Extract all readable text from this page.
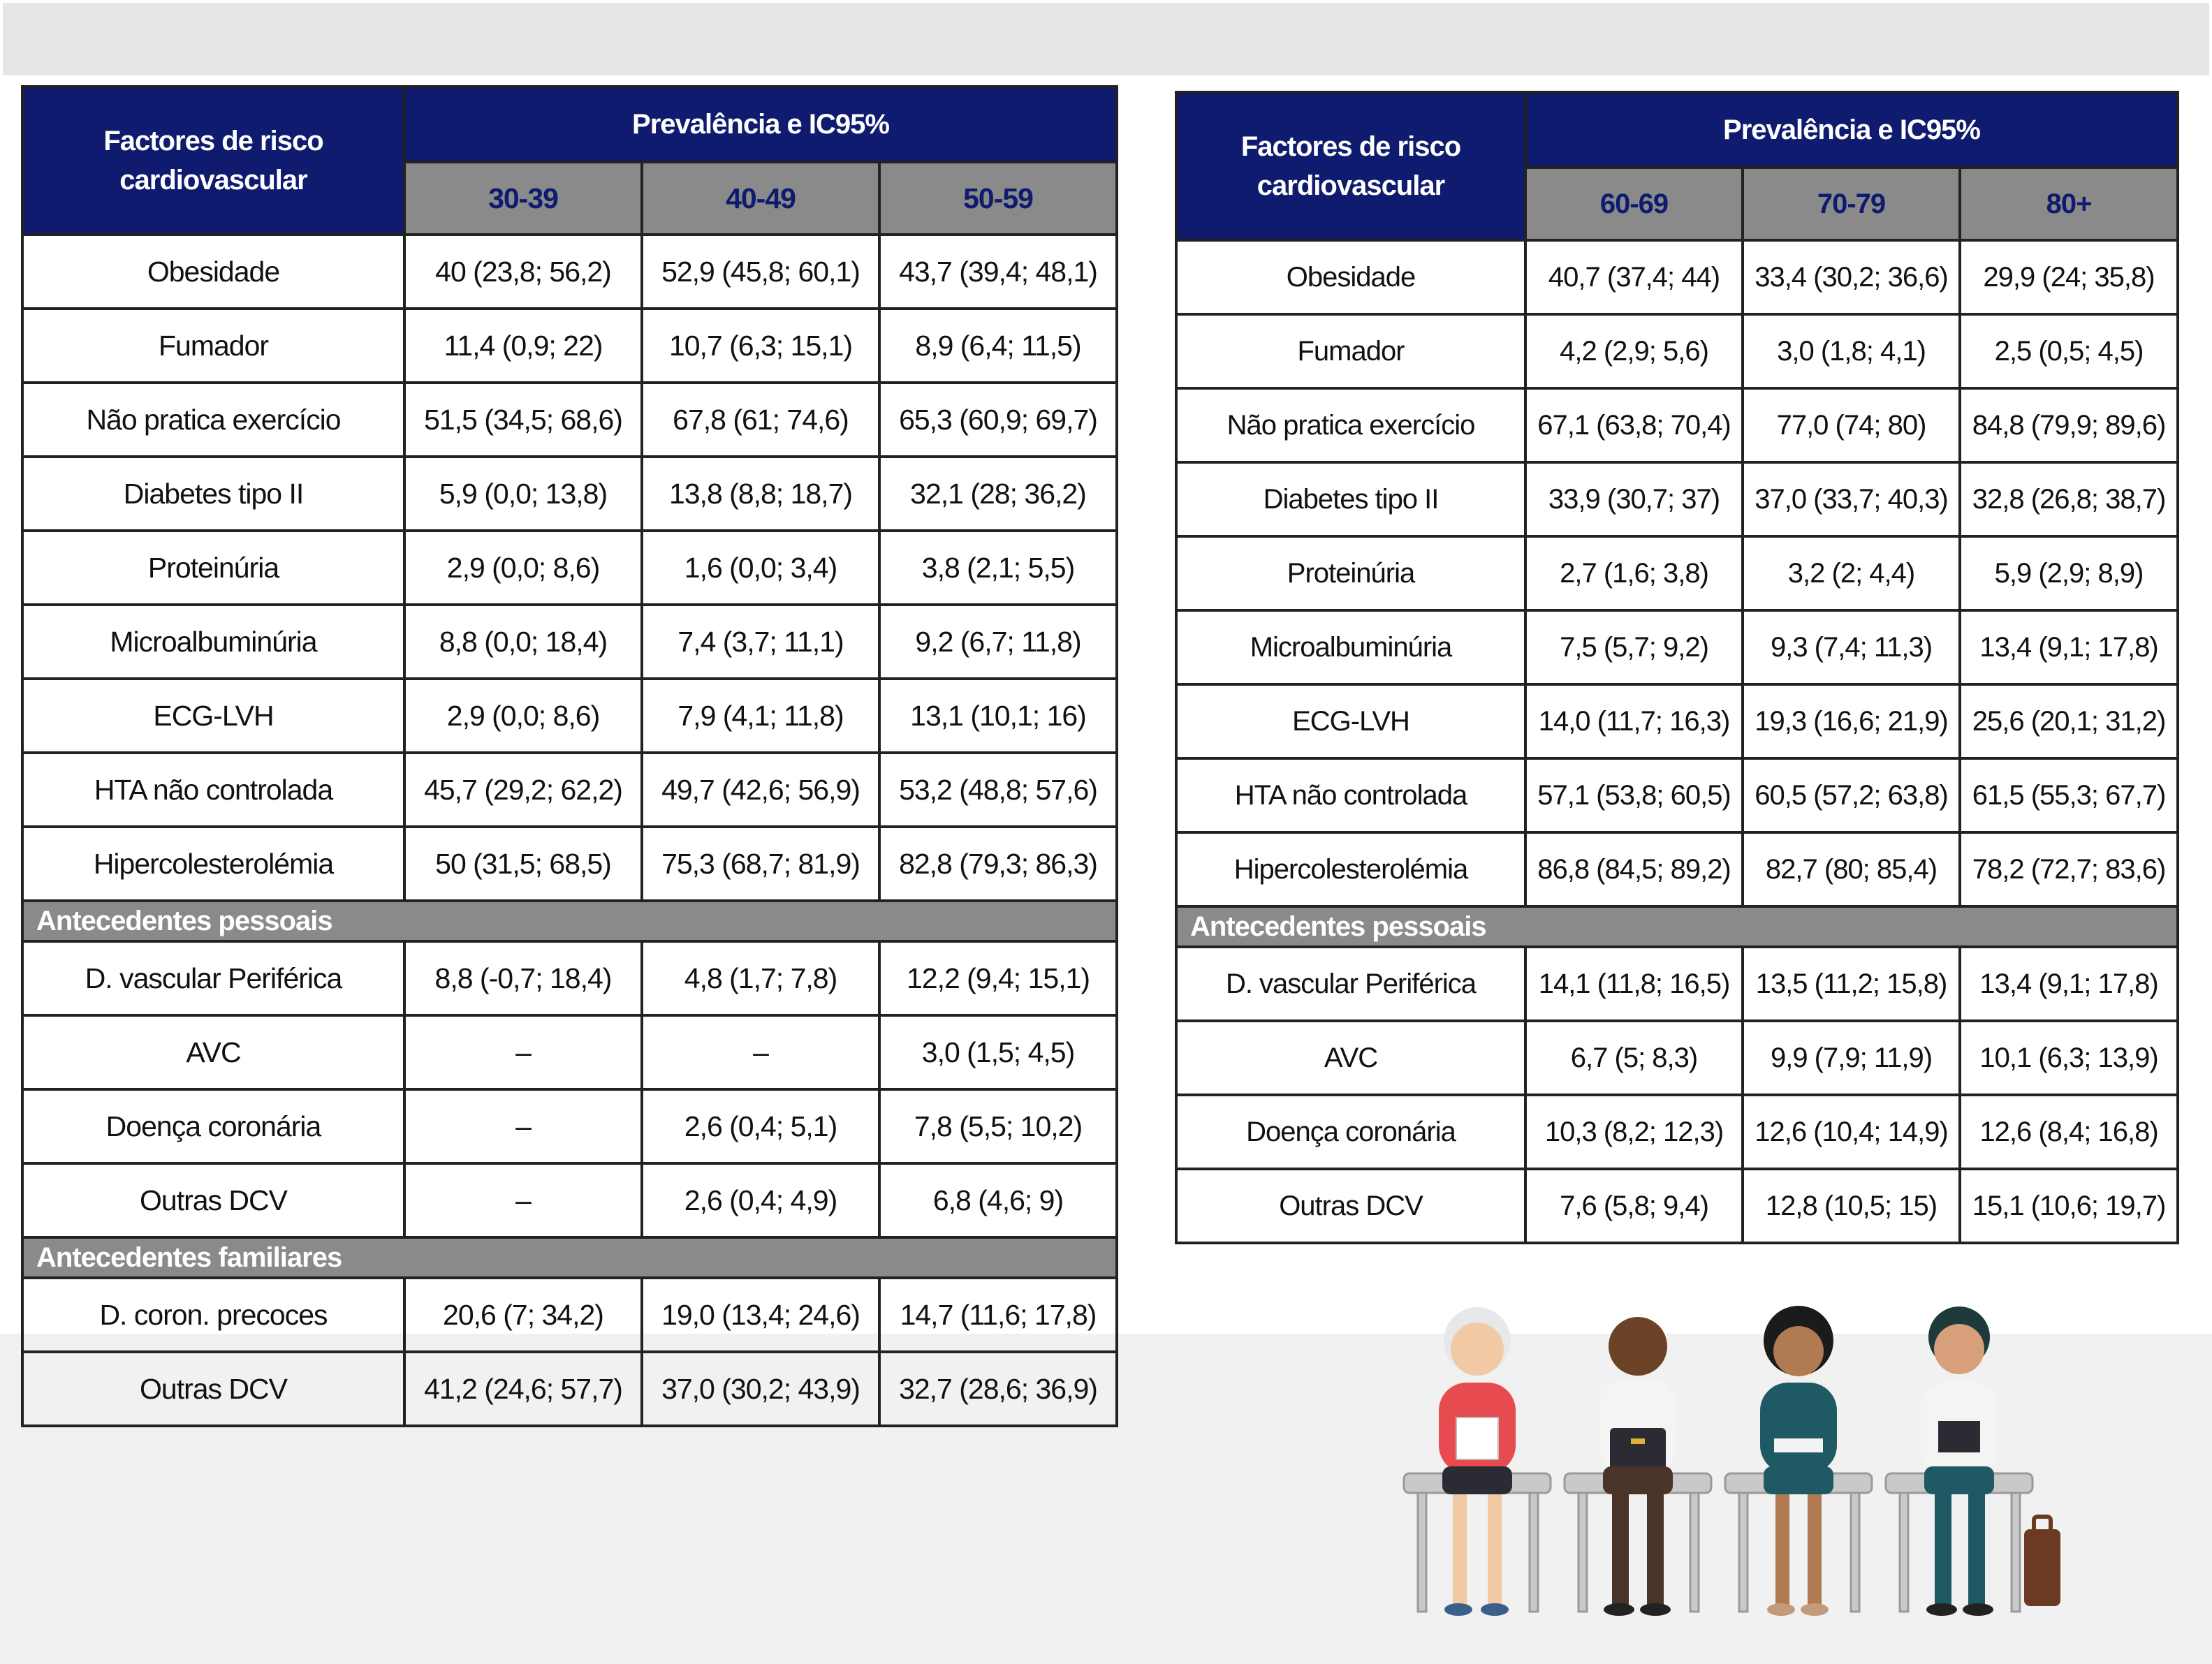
Factores de risco cardiovascular	Prevalência e IC95%		
	30-39	40-49	50-59
Obesidade	40 (23,8; 56,2)	52,9 (45,8; 60,1)	43,7 (39,4; 48,1)
Fumador	11,4 (0,9; 22)	10,7 (6,3; 15,1)	8,9 (6,4; 11,5)
Não pratica exercício	51,5 (34,5; 68,6)	67,8 (61; 74,6)	65,3 (60,9; 69,7)
Diabetes tipo II	5,9 (0,0; 13,8)	13,8 (8,8; 18,7)	32,1 (28; 36,2)
Proteinúria	2,9 (0,0; 8,6)	1,6 (0,0; 3,4)	3,8 (2,1; 5,5)
Microalbuminúria	8,8 (0,0; 18,4)	7,4 (3,7; 11,1)	9,2 (6,7; 11,8)
ECG-LVH	2,9 (0,0; 8,6)	7,9 (4,1; 11,8)	13,1 (10,1; 16)
HTA não controlada	45,7 (29,2; 62,2)	49,7 (42,6; 56,9)	53,2 (48,8; 57,6)
Hipercolesterolémia	50 (31,5; 68,5)	75,3 (68,7; 81,9)	82,8 (79,3; 86,3)
Antecedentes pessoais			
D. vascular Periférica	8,8 (-0,7; 18,4)	4,8 (1,7; 7,8)	12,2 (9,4; 15,1)
AVC	–	–	3,0 (1,5; 4,5)
Doença coronária	–	2,6 (0,4; 5,1)	7,8 (5,5; 10,2)
Outras DCV	–	2,6 (0,4; 4,9)	6,8 (4,6; 9)
Antecedentes familiares			
D. coron. precoces	20,6 (7; 34,2)	19,0 (13,4; 24,6)	14,7 (11,6; 17,8)
Outras DCV	41,2 (24,6; 57,7)	37,0 (30,2; 43,9)	32,7 (28,6; 36,9)
Factores de risco cardiovascular	Prevalência e IC95%		
	60-69	70-79	80+
Obesidade	40,7 (37,4; 44)	33,4 (30,2; 36,6)	29,9 (24; 35,8)
Fumador	4,2 (2,9; 5,6)	3,0 (1,8; 4,1)	2,5 (0,5; 4,5)
Não pratica exercício	67,1 (63,8; 70,4)	77,0 (74; 80)	84,8 (79,9; 89,6)
Diabetes tipo II	33,9 (30,7; 37)	37,0 (33,7; 40,3)	32,8 (26,8; 38,7)
Proteinúria	2,7 (1,6; 3,8)	3,2 (2; 4,4)	5,9 (2,9; 8,9)
Microalbuminúria	7,5 (5,7; 9,2)	9,3 (7,4; 11,3)	13,4 (9,1; 17,8)
ECG-LVH	14,0 (11,7; 16,3)	19,3 (16,6; 21,9)	25,6 (20,1; 31,2)
HTA não controlada	57,1 (53,8; 60,5)	60,5 (57,2; 63,8)	61,5 (55,3; 67,7)
Hipercolesterolémia	86,8 (84,5; 89,2)	82,7 (80; 85,4)	78,2 (72,7; 83,6)
Antecedentes pessoais			
D. vascular Periférica	14,1 (11,8; 16,5)	13,5 (11,2; 15,8)	13,4 (9,1; 17,8)
AVC	6,7 (5; 8,3)	9,9 (7,9; 11,9)	10,1 (6,3; 13,9)
Doença coronária	10,3 (8,2; 12,3)	12,6 (10,4; 14,9)	12,6 (8,4; 16,8)
Outras DCV	7,6 (5,8; 9,4)	12,8 (10,5; 15)	15,1 (10,6; 19,7)
